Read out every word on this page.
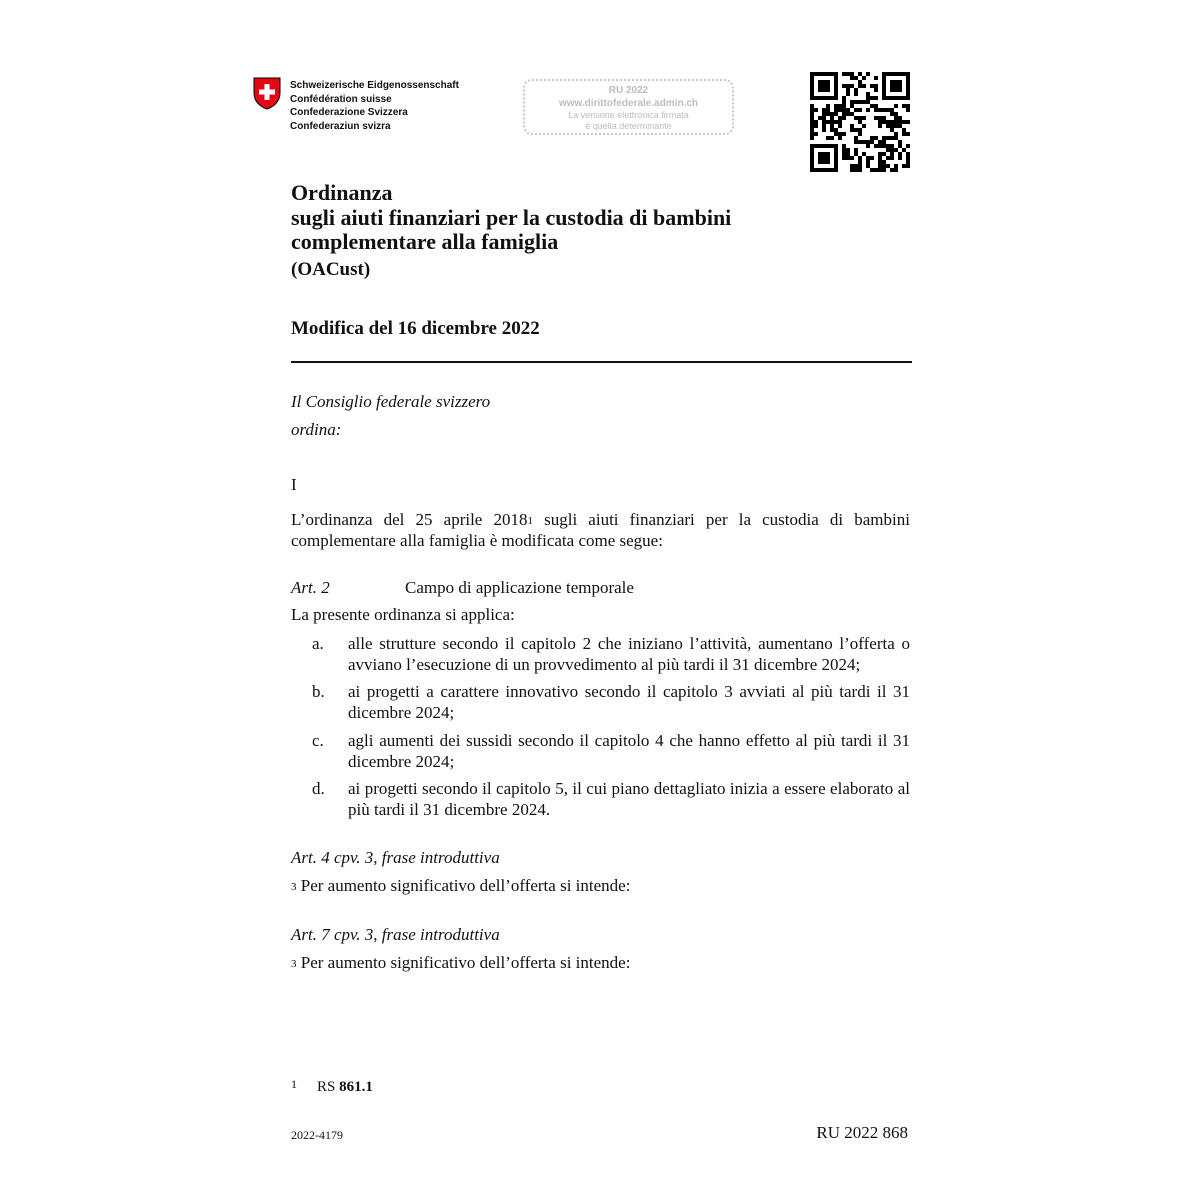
Schweizerische Eidgenossenschaft
Confédération suisse
Confederazione Svizzera
Confederaziun svizra
RU 2022
www.dirittofederale.admin.ch
La versione elettronica firmata
è quella determinante
Ordinanza
sugli aiuti finanziari per la custodia di bambini
complementare alla famiglia
(OACust)
Modifica del 16 dicembre 2022
Il Consiglio federale svizzero
ordina:
I
L’ordinanza del 25 aprile 2018$^1$ sugli aiuti finanziari per la custodia di bambini complementare alla famiglia è modificata come segue:
Art. 2	Campo di applicazione temporale
La presente ordinanza si applica:
a. alle strutture secondo il capitolo 2 che iniziano l’attività, aumentano l’offerta o avviano l’esecuzione di un provvedimento al più tardi il 31 dicembre 2024;
b. ai progetti a carattere innovativo secondo il capitolo 3 avviati al più tardi il 31 dicembre 2024;
c. agli aumenti dei sussidi secondo il capitolo 4 che hanno effetto al più tardi il 31 dicembre 2024;
d. ai progetti secondo il capitolo 5, il cui piano dettagliato inizia a essere elaborato al più tardi il 31 dicembre 2024.
Art. 4 cpv. 3, frase introduttiva
$^3$ Per aumento significativo dell’offerta si intende:
Art. 7 cpv. 3, frase introduttiva
$^3$ Per aumento significativo dell’offerta si intende:
$^1$ RS 861.1
2022-4179	RU 2022 868
